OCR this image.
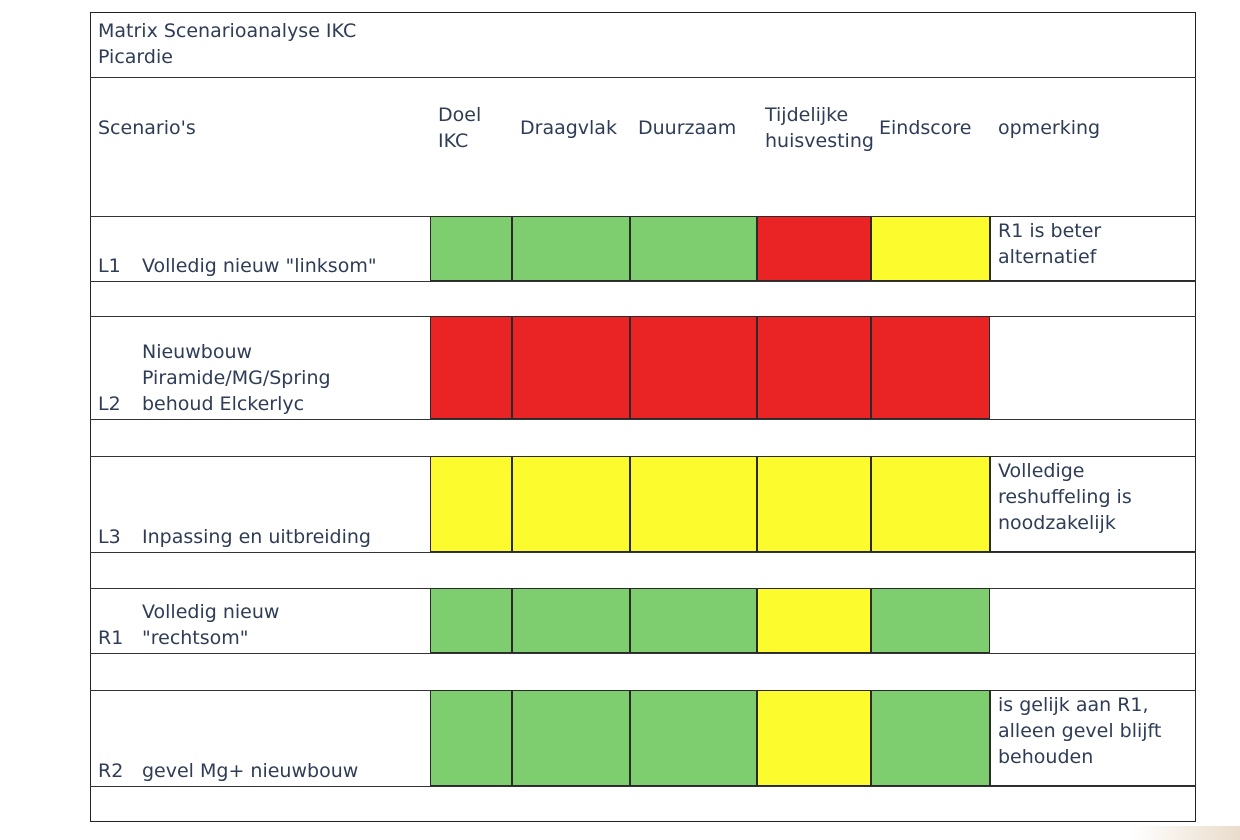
Matrix Scenarioanalyse IKC
Picardie
Scenario's
Doel
IKC
Draagvlak Duurzaam
Tijdelijke
huisvesting
Eindscore opmerking
L1 Volledig nieuw "linksom"
R1 is beter
alternatief
L2
Nieuwbouw
Piramide/MG/Spring
behoud Elckerlyc
L3 Inpassing en uitbreiding
Volledige
reshuffeling is
noodzakelijk
R1
Volledig nieuw
"rechtsom"
R2 gevel Mg+ nieuwbouw
is gelijk aan R1,
alleen gevel blijft
behouden
